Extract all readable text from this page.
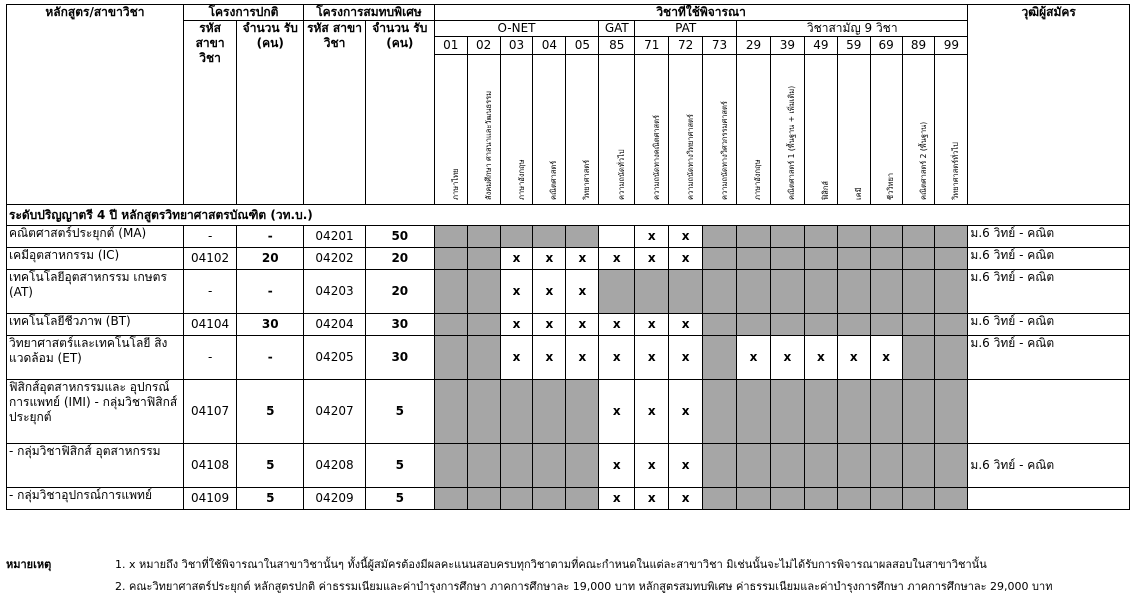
หลักสูตร/สาขาวิชา	โครงการปกติ		โครงการสมทบพิเศษ		วิชาที่ใช้พิจารณา																วุฒิผู้สมัคร
	รหัส สาขา วิชา	จำนวน รับ (คน)	รหัส สาขา วิชา	จำนวน รับ (คน)	O-NET					GAT	PAT			วิชาสามัญ 9 วิชา							
					01	02	03	04	05	85	71	72	73	29	39	49	59	69	89	99	

					ภาษาไทย	สังคมศึกษา ศาสนาและวัฒนธรรม	ภาษาอังกฤษ	คณิตศาสตร์	วิทยาศาสตร์	ความถนัดทั่วไป	ความถนัดทางคณิตศาสตร์	ความถนัดทางวิทยาศาสตร์	ความถนัดทางวิศวกรรมศาสตร์	ภาษาอังกฤษ	คณิตศาสตร์ 1 (พื้นฐาน + เพิ่มเติม)	ฟิสิกส์	เคมี	ชีววิทยา	คณิตศาสตร์ 2 (พื้นฐาน)	วิทยาศาสตร์ทั่วไป	

ระดับปริญญาตรี 4 ปี หลักสูตรวิทยาศาสตรบัณฑิต (วท.บ.)																					
คณิตศาสตร์ประยุกต์ (MA)	-	-	04201	50							x	x									ม.6 วิทย์ - คณิต
เคมีอุตสาหกรรม (IC)	04102	20	04202	20			x	x	x	x	x	x									ม.6 วิทย์ - คณิต
เทคโนโลยีอุตสาหกรรม เกษตร (AT)	-	-	04203	20			x	x	x												ม.6 วิทย์ - คณิต
เทคโนโลยีชีวภาพ (BT)	04104	30	04204	30			x	x	x	x	x	x									ม.6 วิทย์ - คณิต
วิทยาศาสตร์และเทคโนโลยี สิ่งแวดล้อม (ET)	-	-	04205	30			x	x	x	x	x	x		x	x	x	x	x			ม.6 วิทย์ - คณิต
ฟิสิกส์อุตสาหกรรมและ อุปกรณ์การแพทย์ (IMI) - กลุ่มวิชาฟิสิกส์ประยุกต์	04107	5	04207	5						x	x	x									
- กลุ่มวิชาฟิสิกส์ อุตสาหกรรม	04108	5	04208	5						x	x	x									ม.6 วิทย์ - คณิต
- กลุ่มวิชาอุปกรณ์การแพทย์	04109	5	04209	5						x	x	x									
หมายเหตุ	1. x หมายถึง วิชาที่ใช้พิจารณาในสาขาวิชานั้นๆ ทั้งนี้ผู้สมัครต้องมีผลคะแนนสอบครบทุกวิชาตามที่คณะกำหนดในแต่ละสาขาวิชา มิเช่นนั้นจะไม่ได้รับการพิจารณาผลสอบในสาขาวิชานั้น
2. คณะวิทยาศาสตร์ประยุกต์ หลักสูตรปกติ ค่าธรรมเนียมและค่าบำรุงการศึกษา ภาคการศึกษาละ 19,000 บาท หลักสูตรสมทบพิเศษ ค่าธรรมเนียมและค่าบำรุงการศึกษา ภาคการศึกษาละ 29,000 บาท
